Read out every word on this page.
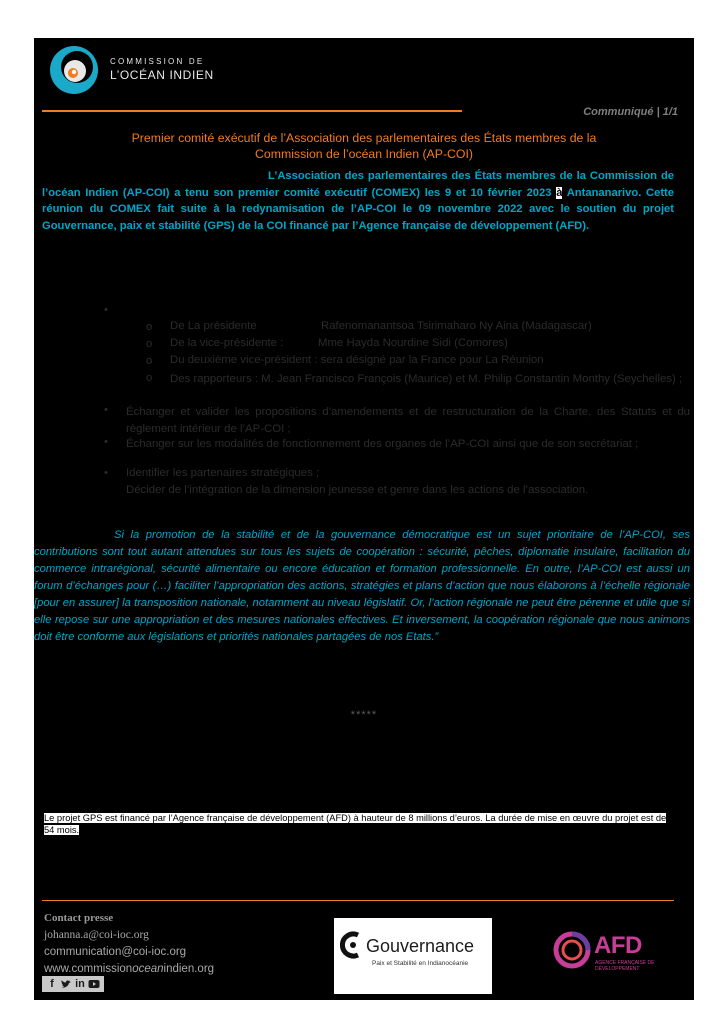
COMMISSION DE
L’OCÉAN INDIEN
Communiqué | 1/1
Premier comité exécutif de l’Association des parlementaires des États membres de la
Commission de l’océan Indien (AP-COI)

L’Association des parlementaires des États membres de la Commission de l’océan Indien (AP-COI) a tenu son premier comité exécutif (COMEX) les 9 et 10 février 2023 à Antananarivo. Cette réunion du COMEX fait suite à la redynamisation de l’AP-COI le 09 novembre 2022 avec le soutien du projet Gouvernance, paix et stabilité (GPS) de la COI financé par l’Agence française de développement (AFD).

•
o De La présidente	Rafenomanantsoa Tsirimaharo Ny Aina (Madagascar)
o De la vice-présidente :	Mme Hayda Nourdine Sidi (Comores)
o Du deuxième vice-président : sera désigné par la France pour La Réunion
o Des rapporteurs : M. Jean Francisco François (Maurice) et M. Philip Constantin Monthy (Seychelles) ;
• Échanger et valider les propositions d’amendements et de restructuration de la Charte, des Statuts et du règlement intérieur de l’AP-COI ;
• Échanger sur les modalités de fonctionnement des organes de l’AP-COI ainsi que de son secrétariat ;
• Identifier les partenaires stratégiques ;
Décider de l’intégration de la dimension jeunesse et genre dans les actions de l’association.

Si la promotion de la stabilité et de la gouvernance démocratique est un sujet prioritaire de l’AP-COI, ses contributions sont tout autant attendues sur tous les sujets de coopération : sécurité, pêches, diplomatie insulaire, facilitation du commerce intrarégional, sécurité alimentaire ou encore éducation et formation professionnelle. En outre, l’AP-COI est aussi un forum d’échanges pour (…) faciliter l’appropriation des actions, stratégies et plans d’action que nous élaborons à l’échelle régionale [pour en assurer] la transposition nationale, notamment au niveau législatif. Or, l’action régionale ne peut être pérenne et utile que si elle repose sur une appropriation et des mesures nationales effectives. Et inversement, la coopération régionale que nous animons doit être conforme aux législations et priorités nationales partagées de nos Etats.”

*****
Le projet GPS est financé par l’Agence française de développement (AFD) à hauteur de 8 millions d’euros. La durée de mise en œuvre du projet est de 54 mois.
Contact presse
johanna.a@coi-ioc.org
communication@coi-ioc.org
www.commissionoceanindien.org
f	in
Gouvernance
Paix et Stabilité en Indianocéanie
AFD
AGENCE FRANÇAISE DE DÉVELOPPEMENT
